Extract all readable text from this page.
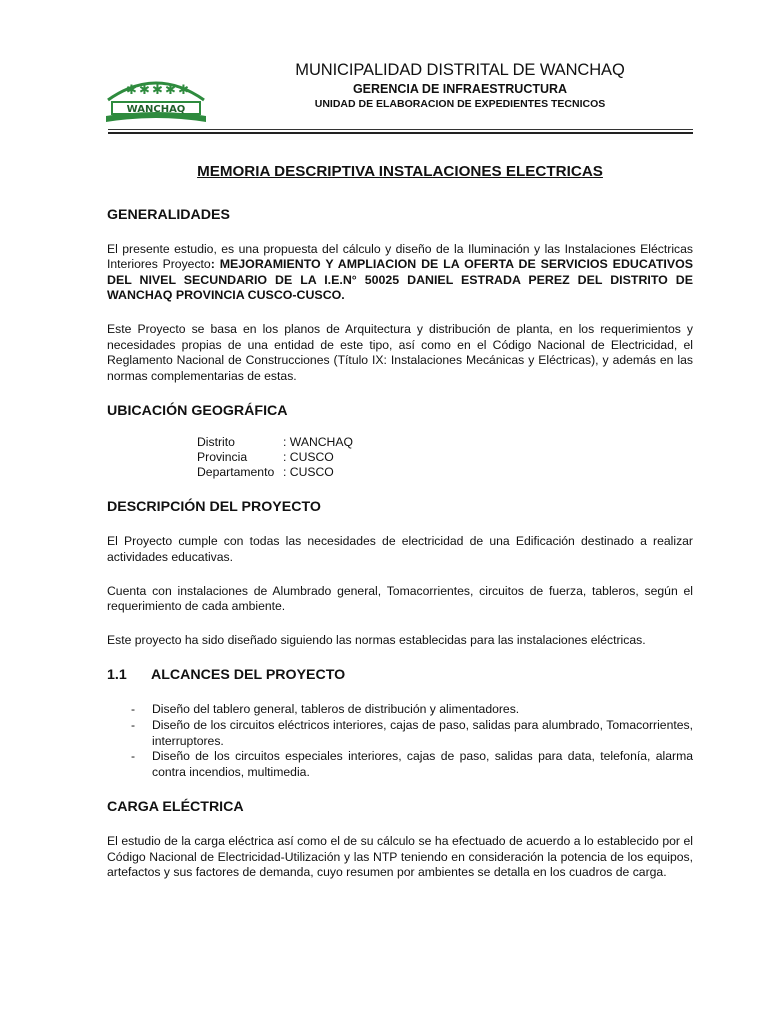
✱ ✱ ✱ ✱ ✱
WANCHAQ
MUNICIPALIDAD DISTRITAL DE WANCHAQ
GERENCIA DE INFRAESTRUCTURA
UNIDAD DE ELABORACION DE EXPEDIENTES TECNICOS
MEMORIA DESCRIPTIVA INSTALACIONES ELECTRICAS
GENERALIDADES

El presente estudio, es una propuesta del cálculo y diseño de la Iluminación y las Instalaciones Eléctricas Interiores Proyecto: MEJORAMIENTO Y AMPLIACION DE LA OFERTA DE SERVICIOS EDUCATIVOS DEL NIVEL SECUNDARIO DE LA I.E.N° 50025 DANIEL ESTRADA PEREZ DEL DISTRITO DE WANCHAQ PROVINCIA CUSCO-CUSCO.

Este Proyecto se basa en los planos de Arquitectura y distribución de planta, en los requerimientos y necesidades propias de una entidad de este tipo, así como en el Código Nacional de Electricidad, el Reglamento Nacional de Construcciones (Título IX: Instalaciones Mecánicas y Eléctricas), y además en las normas complementarias de estas.

UBICACIÓN GEOGRÁFICA
Distrito	: WANCHAQ
Provincia	: CUSCO
Departamento	: CUSCO
DESCRIPCIÓN DEL PROYECTO

El Proyecto cumple con todas las necesidades de electricidad de una Edificación destinado a realizar actividades educativas.

Cuenta con instalaciones de Alumbrado general, Tomacorrientes, circuitos de fuerza, tableros, según el requerimiento de cada ambiente.

Este proyecto ha sido diseñado siguiendo las normas establecidas para las instalaciones eléctricas.

1.1 ALCANCES DEL PROYECTO
- Diseño del tablero general, tableros de distribución y alimentadores.
- Diseño de los circuitos eléctricos interiores, cajas de paso, salidas para alumbrado, Tomacorrientes, interruptores.
- Diseño de los circuitos especiales interiores, cajas de paso, salidas para data, telefonía, alarma contra incendios, multimedia.
CARGA ELÉCTRICA

El estudio de la carga eléctrica así como el de su cálculo se ha efectuado de acuerdo a lo establecido por el Código Nacional de Electricidad-Utilización y las NTP teniendo en consideración la potencia de los equipos, artefactos y sus factores de demanda, cuyo resumen por ambientes se detalla en los cuadros de carga.
